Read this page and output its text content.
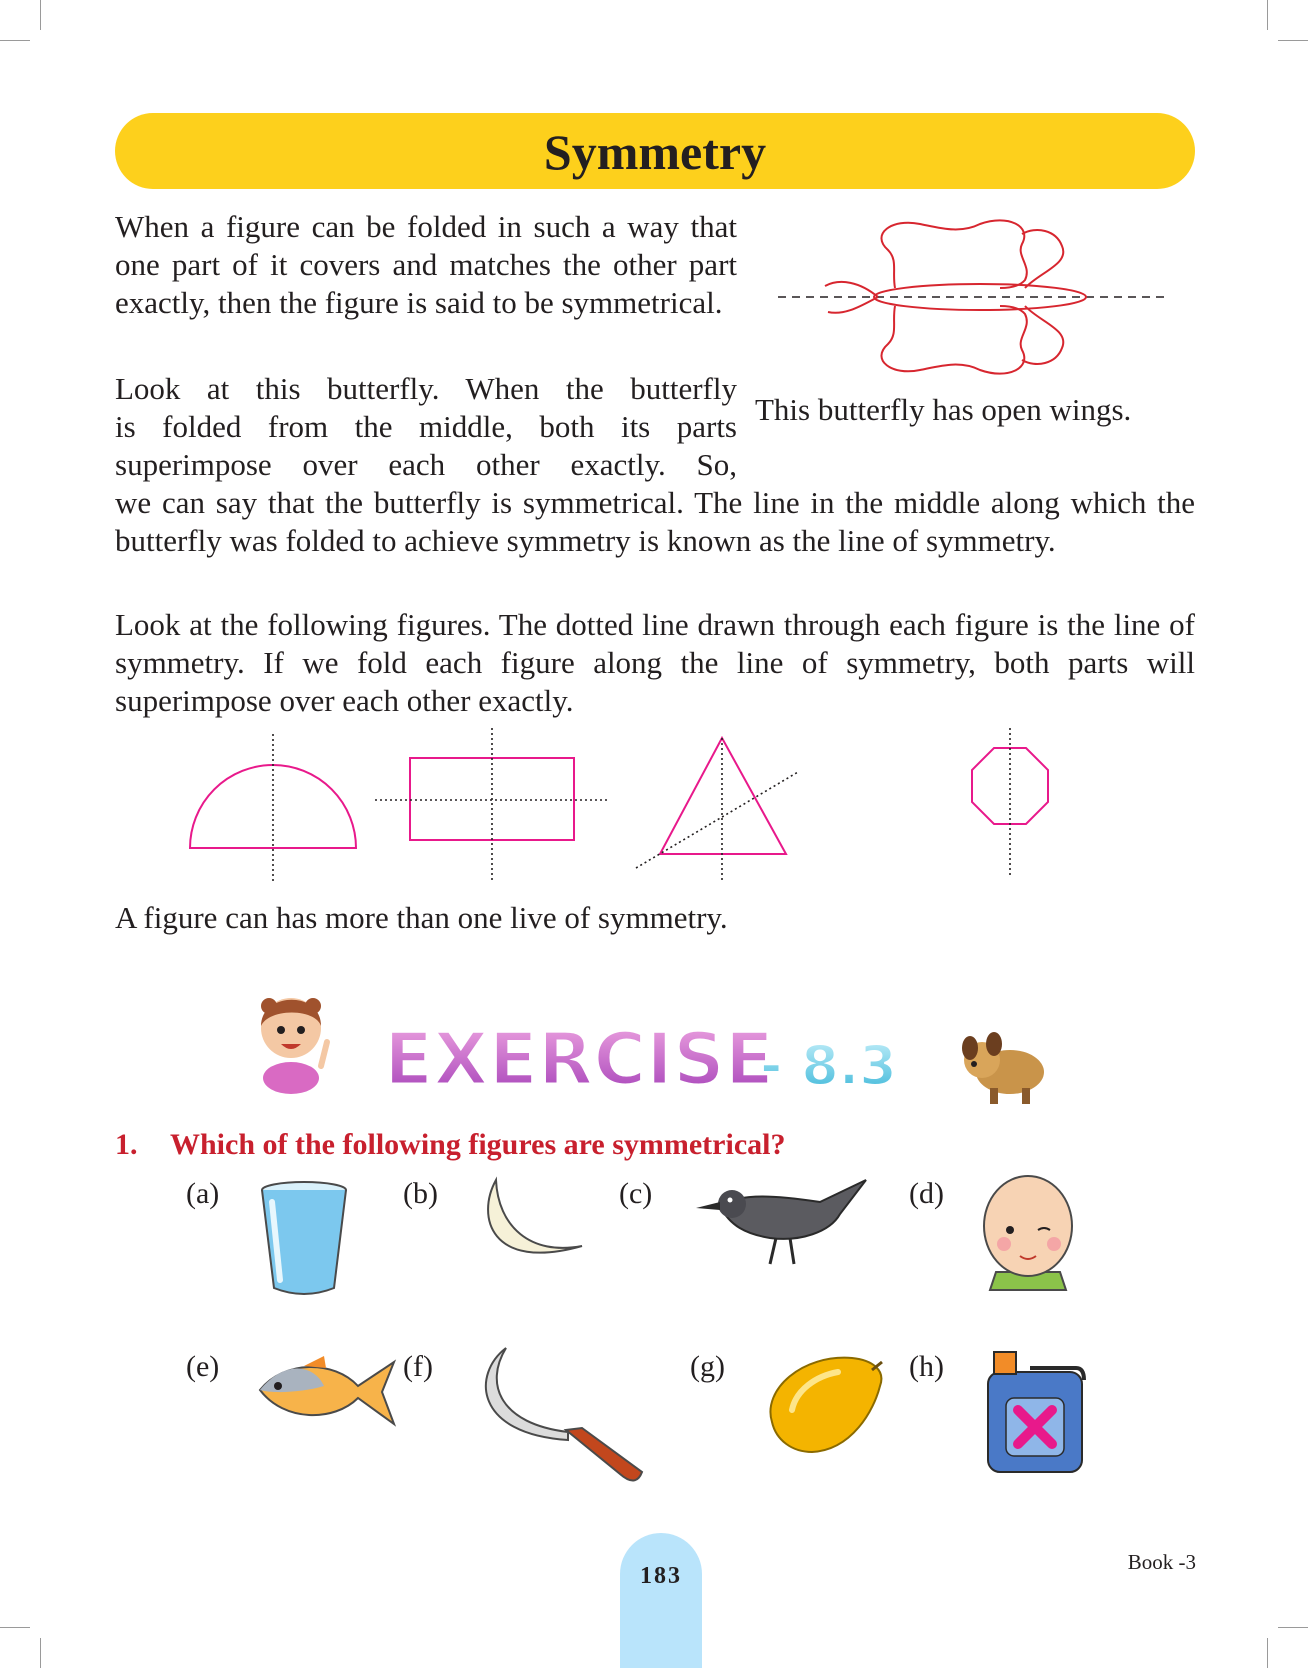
Symmetry

When a figure can be folded in such a way that one part of it covers and matches the other part exactly, then the figure is said to be symmetrical.

This butterfly has open wings.

Look at this butterfly. When the butterfly

is folded from the middle, both its parts

superimpose over each other exactly. So,

we can say that the butterfly is symmetrical. The line in the middle along which the butterfly was folded to achieve symmetry is known as the line of symmetry.

Look at the following figures. The dotted line drawn through each figure is the line of symmetry. If we fold each figure along the line of symmetry, both parts will superimpose over each other exactly.

A figure can has more than one live of symmetry.
EXERCISE
- 8.3
1. Which of the following figures are symmetrical?
(a)	(b)	(c)	(d)
(e)	(f)	(g)	(h)
183
Book -3
